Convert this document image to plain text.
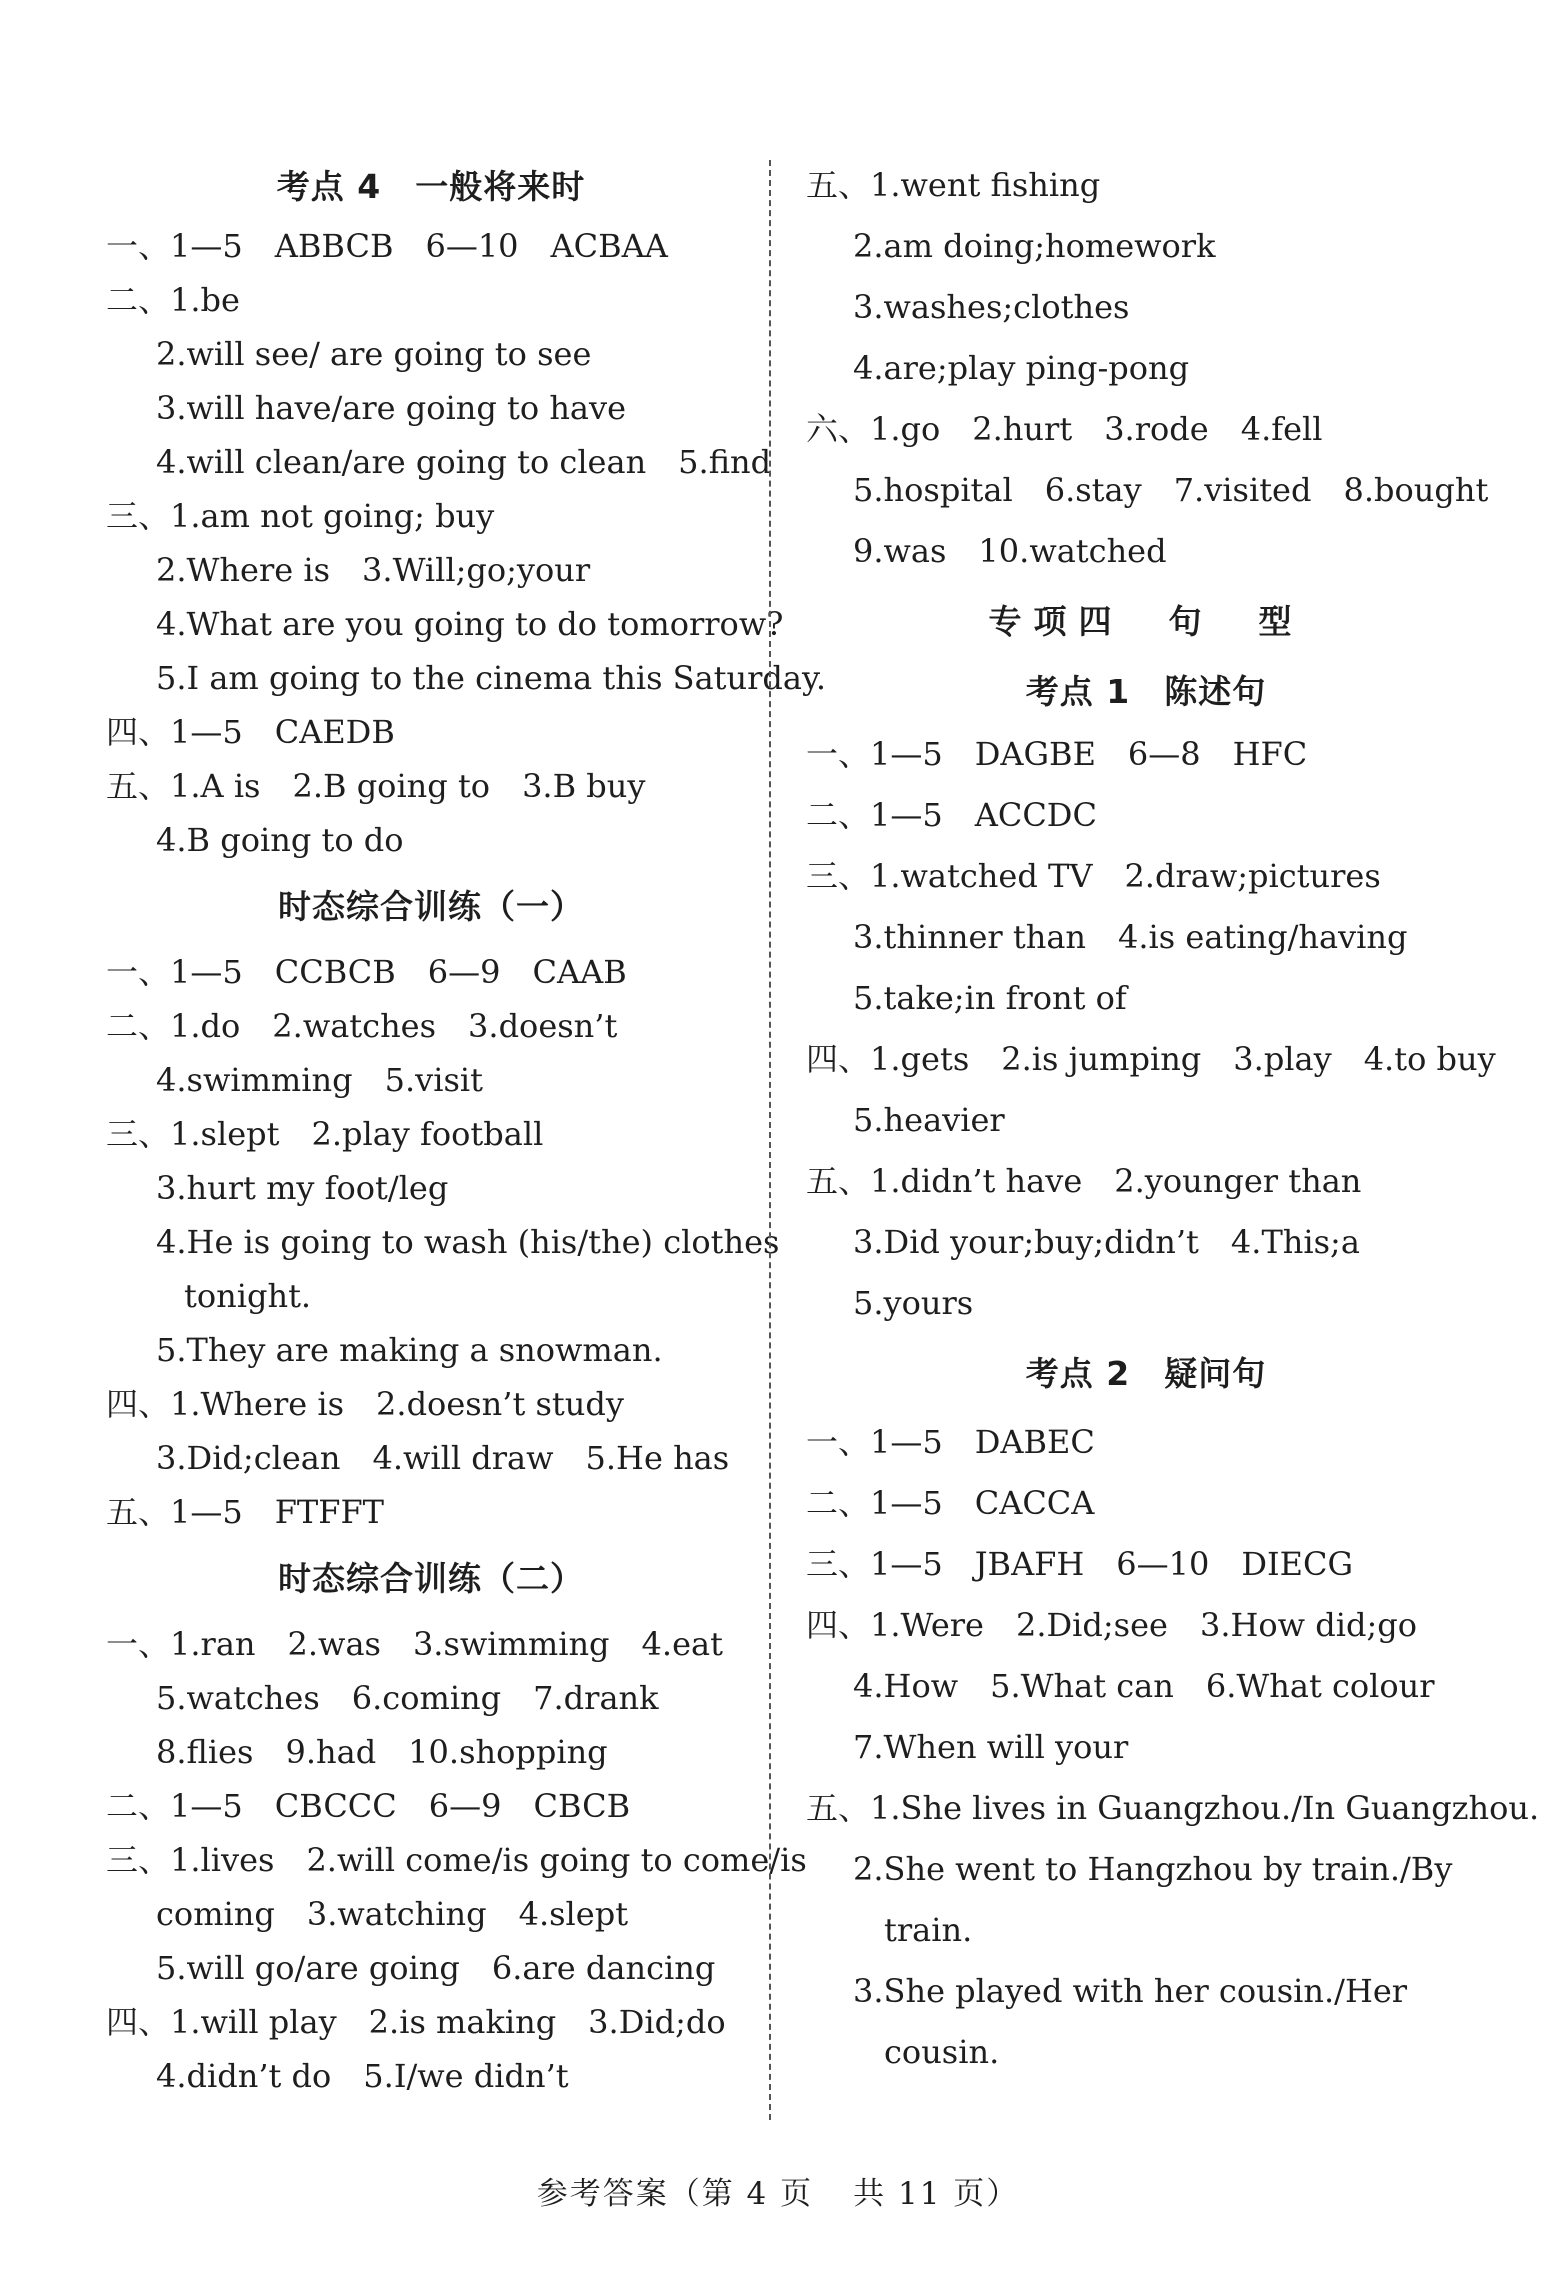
考点 4　一般将来时
一、1—5　ABBCB　6—10　ACBAA
二、1.be
2.will see/ are going to see
3.will have/are going to have
4.will clean/are going to clean　5.find
三、1.am not going; buy
2.Where is　3.Will;go;your
4.What are you going to do tomorrow?
5.I am going to the cinema this Saturday.
四、1—5　CAEDB
五、1.A is　2.B going to　3.B buy
4.B going to do
时态综合训练（一）
一、1—5　CCBCB　6—9　CAAB
二、1.do　2.watches　3.doesn’t
4.swimming　5.visit
三、1.slept　2.play football
3.hurt my foot/leg
4.He is going to wash (his/the) clothes
tonight.
5.They are making a snowman.
四、1.Where is　2.doesn’t study
3.Did;clean　4.will draw　5.He has
五、1—5　FTFFT
时态综合训练（二）
一、1.ran　2.was　3.swimming　4.eat
5.watches　6.coming　7.drank
8.flies　9.had　10.shopping
二、1—5　CBCCC　6—9　CBCB
三、1.lives　2.will come/is going to come/is
coming　3.watching　4.slept
5.will go/are going　6.are dancing
四、1.will play　2.is making　3.Did;do
4.didn’t do　5.I/we didn’t
五、1.went fishing
2.am doing;homework
3.washes;clothes
4.are;play ping-pong
六、1.go　2.hurt　3.rode　4.fell
5.hospital　6.stay　7.visited　8.bought
9.was　10.watched
专项四　句　型
考点 1　陈述句
一、1—5　DAGBE　6—8　HFC
二、1—5　ACCDC
三、1.watched TV　2.draw;pictures
3.thinner than　4.is eating/having
5.take;in front of
四、1.gets　2.is jumping　3.play　4.to buy
5.heavier
五、1.didn’t have　2.younger than
3.Did your;buy;didn’t　4.This;a
5.yours
考点 2　疑问句
一、1—5　DABEC
二、1—5　CACCA
三、1—5　JBAFH　6—10　DIECG
四、1.Were　2.Did;see　3.How did;go
4.How　5.What can　6.What colour
7.When will your
五、1.She lives in Guangzhou./In Guangzhou.
2.She went to Hangzhou by train./By
train.
3.She played with her cousin./Her
cousin.
参考答案（第 4 页 共 11 页）
